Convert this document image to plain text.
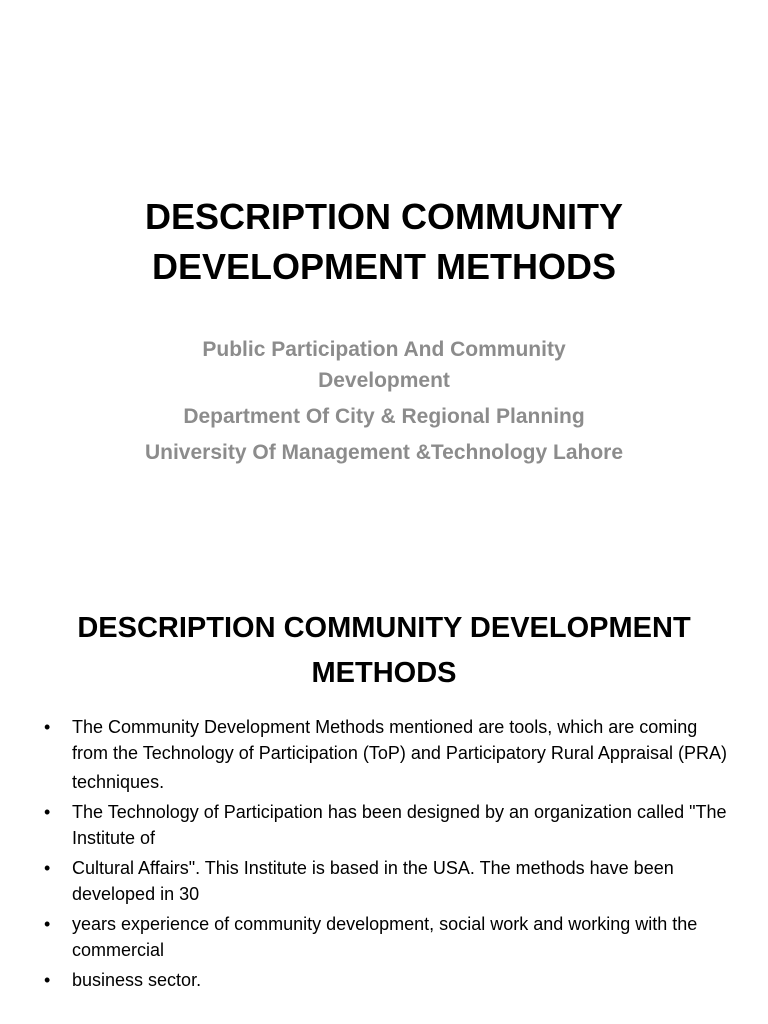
DESCRIPTION COMMUNITY DEVELOPMENT METHODS
Public Participation And Community
Development
Department Of City & Regional Planning
University Of Management &Technology Lahore
DESCRIPTION COMMUNITY DEVELOPMENT METHODS
•	The Community Development Methods mentioned are tools, which are coming from the Technology of Participation (ToP) and Participatory Rural Appraisal (PRA)
techniques.
•	The Technology of Participation has been designed by an organization called "The Institute of
•	Cultural Affairs". This Institute is based in the USA. The methods have been developed in 30
•	years experience of community development, social work and working with the commercial
•	business sector.
